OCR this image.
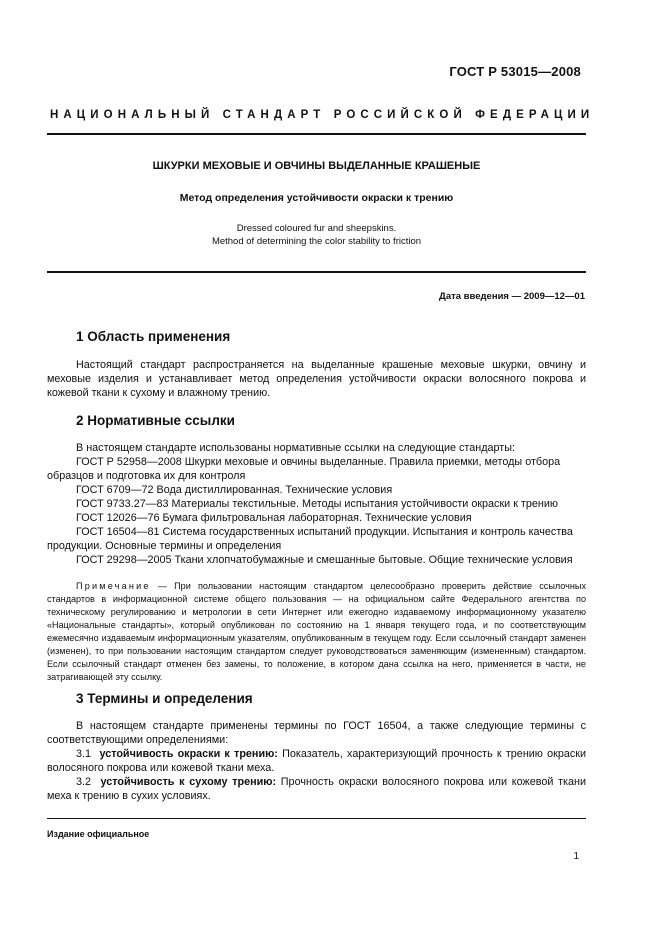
ГОСТ Р 53015—2008
НАЦИОНАЛЬНЫЙ СТАНДАРТ РОССИЙСКОЙ ФЕДЕРАЦИИ
ШКУРКИ МЕХОВЫЕ И ОВЧИНЫ ВЫДЕЛАННЫЕ КРАШЕНЫЕ
Метод определения устойчивости окраски к трению
Dressed coloured fur and sheepskins.
Method of determining the color stability to friction
Дата введения — 2009—12—01
1 Область применения
Настоящий стандарт распространяется на выделанные крашеные меховые шкурки, овчину и меховые изделия и устанавливает метод определения устойчивости окраски волосяного покрова и кожевой ткани к сухому и влажному трению.
2 Нормативные ссылки
В настоящем стандарте использованы нормативные ссылки на следующие стандарты:
ГОСТ Р 52958—2008 Шкурки меховые и овчины выделанные. Правила приемки, методы отбора образцов и подготовка их для контроля
ГОСТ 6709—72 Вода дистиллированная. Технические условия
ГОСТ 9733.27—83 Материалы текстильные. Методы испытания устойчивости окраски к трению
ГОСТ 12026—76 Бумага фильтровальная лабораторная. Технические условия
ГОСТ 16504—81 Система государственных испытаний продукции. Испытания и контроль качества продукции. Основные термины и определения
ГОСТ 29298—2005 Ткани хлопчатобумажные и смешанные бытовые. Общие технические условия
Примечание — При пользовании настоящим стандартом целесообразно проверить действие ссылочных стандартов в информационной системе общего пользования — на официальном сайте Федерального агентства по техническому регулированию и метрологии в сети Интернет или ежегодно издаваемому информационному указателю «Национальные стандарты», который опубликован по состоянию на 1 января текущего года, и по соответствующим ежемесячно издаваемым информационным указателям, опубликованным в текущем году. Если ссылочный стандарт заменен (изменен), то при пользовании настоящим стандартом следует руководствоваться заменяющим (измененным) стандартом. Если ссылочный стандарт отменен без замены, то положение, в котором дана ссылка на него, применяется в части, не затрагивающей эту ссылку.
3 Термины и определения
В настоящем стандарте применены термины по ГОСТ 16504, а также следующие термины с соответствующими определениями:
3.1 устойчивость окраски к трению: Показатель, характеризующий прочность к трению окраски волосяного покрова или кожевой ткани меха.
3.2 устойчивость к сухому трению: Прочность окраски волосяного покрова или кожевой ткани меха к трению в сухих условиях.
Издание официальное
1
